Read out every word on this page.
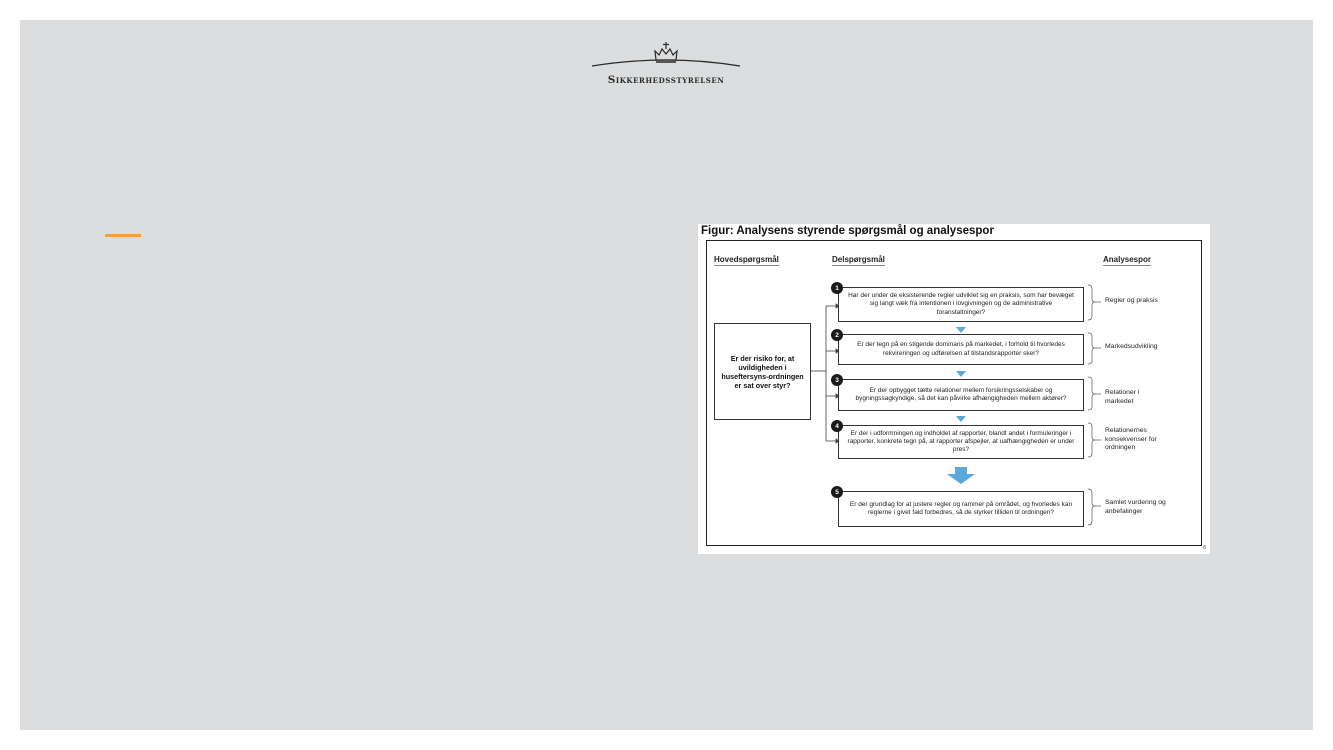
Sikkerhedsstyrelsen
Figur: Analysens styrende spørgsmål og analysespor
Hovedspørgsmål	Delspørgsmål	Analysespor
Er der risiko for, at uvildigheden i huseftersyns-ordningen er sat over styr?
Har der under de eksisterende regler udviklet sig en praksis, som har bevæget sig langt væk fra intentionen i lovgivningen og de administrative foranstaltninger?
1
Regler og praksis
Er der tegn på en stigende dominans på markedet, i forhold til hvorledes rekvireringen og udførelsen af tilstandsrapporter sker?
2
Markedsudvikling
Er der opbygget tætte relationer mellem forsikringsselskaber og bygningssagkyndige, så det kan påvirke afhængigheden mellem aktører?
3
Relationer i markedet
Er der i udformningen og indholdet af rapporter, blandt andet i formuleringer i rapporter, konkrete tegn på, at rapporter afspejler, at uafhængigheden er under pres?
4
Relationernes konsekvenser for ordningen
Er der grundlag for at justere regler og rammer på området, og hvorledes kan reglerne i givet fald forbedres, så de styrker tilliden til ordningen?
5
Samlet vurdering og anbefalinger
6
